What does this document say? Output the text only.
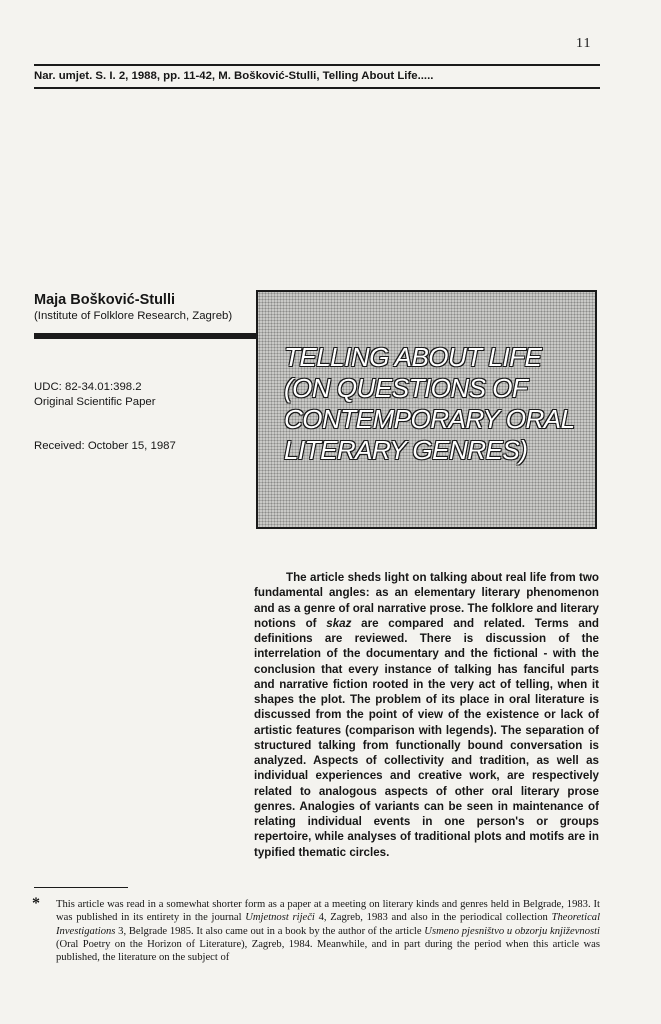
11
Nar. umjet. S. I. 2, 1988, pp. 11-42, M. Bošković-Stulli, Telling About Life.....
Maja Bošković-Stulli
(Institute of Folklore Research, Zagreb)
UDC: 82-34.01:398.2
Original Scientific Paper
Received: October 15, 1987
TELLING ABOUT LIFE
(ON QUESTIONS OF
CONTEMPORARY ORAL
LITERARY GENRES)
The article sheds light on talking about real life from two fundamental angles: as an elementary literary phenomenon and as a genre of oral narrative prose. The folklore and literary notions of skaz are compared and related. Terms and definitions are reviewed. There is discussion of the interrelation of the documentary and the fictional - with the conclusion that every instance of talking has fanciful parts and narrative fiction rooted in the very act of telling, when it shapes the plot. The problem of its place in oral literature is discussed from the point of view of the existence or lack of artistic features (comparison with legends). The separation of structured talking from functionally bound conversation is analyzed. Aspects of collectivity and tradition, as well as individual experiences and creative work, are respectively related to analogous aspects of other oral literary prose genres. Analogies of variants can be seen in maintenance of relating individual events in one person's or groups repertoire, while analyses of traditional plots and motifs are in typified thematic circles.
* This article was read in a somewhat shorter form as a paper at a meeting on literary kinds and genres held in Belgrade, 1983. It was published in its entirety in the journal Umjetnost riječi 4, Zagreb, 1983 and also in the periodical collection Theoretical Investigations 3, Belgrade 1985. It also came out in a book by the author of the article Usmeno pjesništvo u obzorju književnosti (Oral Poetry on the Horizon of Literature), Zagreb, 1984. Meanwhile, and in part during the period when this article was published, the literature on the subject of
